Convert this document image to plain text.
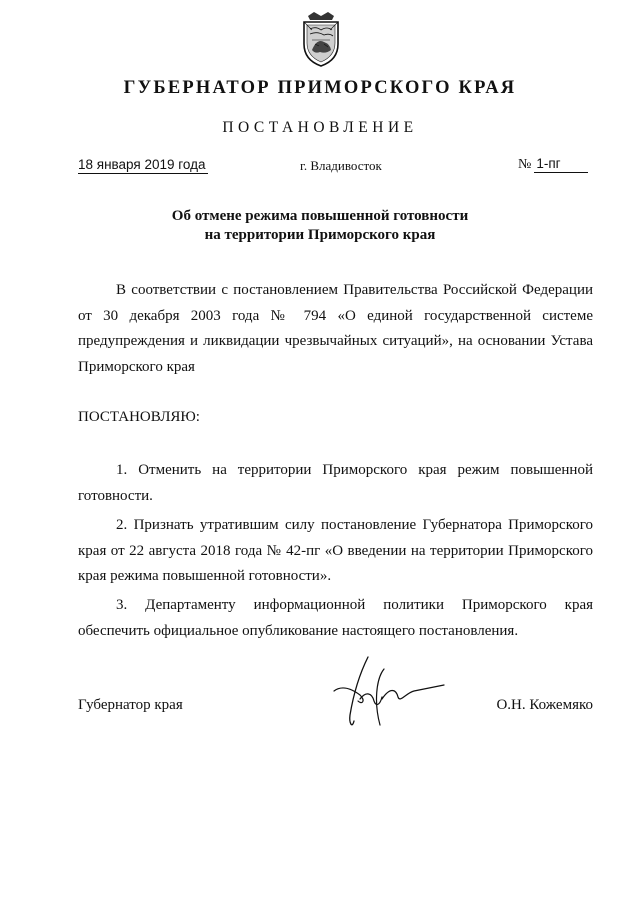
ГУБЕРНАТОР ПРИМОРСКОГО КРАЯ
ПОСТАНОВЛЕНИЕ
18 января 2019 года	г. Владивосток	№ 1-пг
Об отмене режима повышенной готовности
на территории Приморского края
В соответствии с постановлением Правительства Российской Федерации от 30 декабря 2003 года № 794 «О единой государственной системе предупреждения и ликвидации чрезвычайных ситуаций», на основании Устава Приморского края
ПОСТАНОВЛЯЮ:
1. Отменить на территории Приморского края режим повышенной готовности.
2. Признать утратившим силу постановление Губернатора Приморского края от 22 августа 2018 года № 42-пг «О введении на территории Приморского края режима повышенной готовности».
3. Департаменту информационной политики Приморского края обеспечить официальное опубликование настоящего постановления.
Губернатор края	О.Н. Кожемяко
